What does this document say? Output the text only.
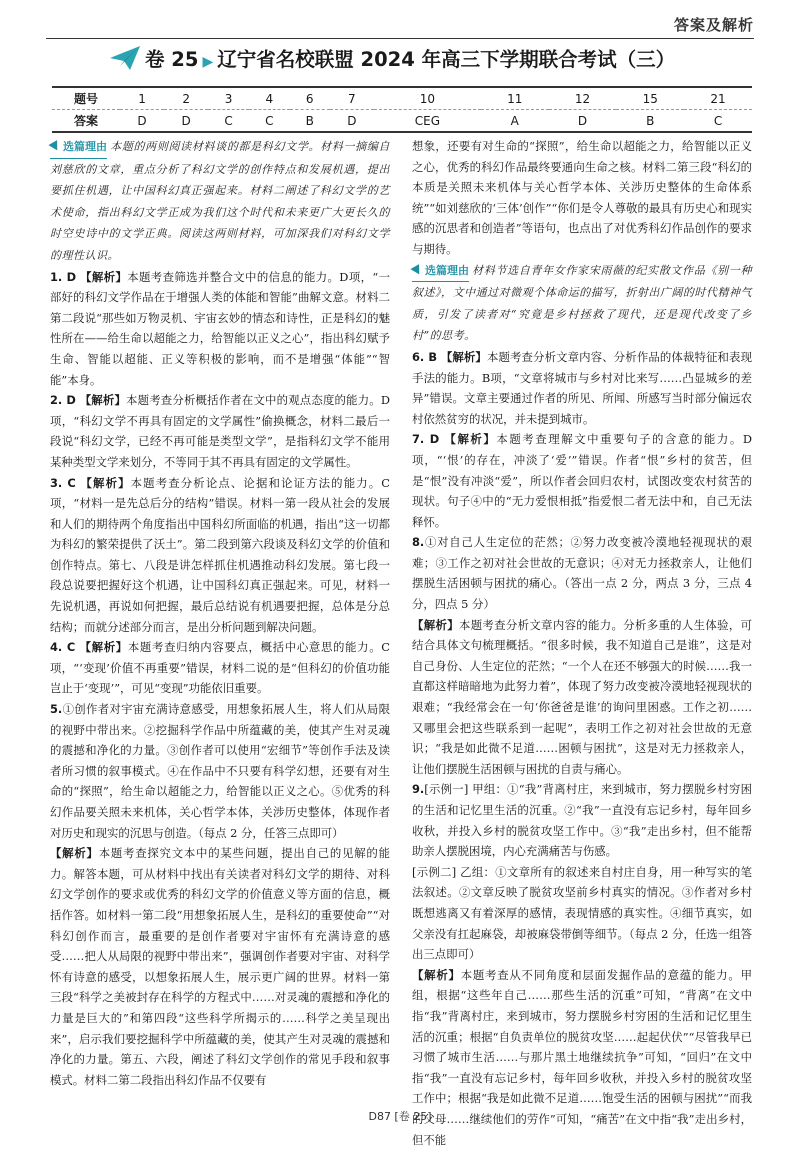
答案及解析
卷 25 ▶ 辽宁省名校联盟 2024 年高三下学期联合考试（三）
题号	1	2	3	4	6	7	10	11	12	15	21
答案	D	D	C	C	B	D	CEG	A	D	B	C

选篇理由 本题的两则阅读材料谈的都是科幻文学。材料一摘编自刘慈欣的文章，重点分析了科幻文学的创作特点和发展机遇，提出要抓住机遇，让中国科幻真正强起来。材料二阐述了科幻文学的艺术使命，指出科幻文学正成为我们这个时代和未来更广大更长久的时空史诗中的文学正典。阅读这两则材料，可加深我们对科幻文学的理性认识。

1. D 【解析】本题考查筛选并整合文中的信息的能力。D项，“一部好的科幻文学作品在于增强人类的体能和智能”曲解文意。材料二第二段说“那些如万物灵机、宇宙玄妙的情态和诗性，正是科幻的魅性所在——给生命以超能之力，给智能以正义之心”，指出科幻赋予生命、智能以超能、正义等积极的影响，而不是增强“体能”“智能”本身。

2. D 【解析】本题考查分析概括作者在文中的观点态度的能力。D项，“科幻文学不再具有固定的文学属性”偷换概念，材料二最后一段说“科幻文学，已经不再可能是类型文学”，是指科幻文学不能用某种类型文学来划分，不等同于其不再具有固定的文学属性。

3. C 【解析】本题考查分析论点、论据和论证方法的能力。C项，“材料一是先总后分的结构”错误。材料一第一段从社会的发展和人们的期待两个角度指出中国科幻所面临的机遇，指出“这一切都为科幻的繁荣提供了沃土”。第二段到第六段谈及科幻文学的价值和创作特点。第七、八段是讲怎样抓住机遇推动科幻发展。第七段一段总说要把握好这个机遇，让中国科幻真正强起来。可见，材料一先说机遇，再说如何把握，最后总结说有机遇要把握，总体是分总结构；而就分述部分而言，是出分析问题到解决问题。

4. C 【解析】本题考查归纳内容要点，概括中心意思的能力。C项，“‘变现’价值不再重要”错误，材料二说的是“但科幻的价值功能岂止于‘变现’”，可见“变现”功能依旧重要。

5.①创作者对宇宙充满诗意感受，用想象拓展人生，将人们从局限的视野中带出来。②挖掘科学作品中所蕴藏的美，使其产生对灵魂的震撼和净化的力量。③创作者可以使用“宏细节”等创作手法及读者所习惯的叙事模式。④在作品中不只要有科学幻想，还要有对生命的“探照”，给生命以超能之力，给智能以正义之心。⑤优秀的科幻作品要关照未来机体，关心哲学本体，关涉历史整体，体现作者对历史和现实的沉思与创造。（每点 2 分，任答三点即可）

【解析】本题考查探究文本中的某些问题，提出自己的见解的能力。解答本题，可从材料中找出有关读者对科幻文学的期待、对科幻文学创作的要求或优秀的科幻文学的价值意义等方面的信息，概括作答。如材料一第二段“用想象拓展人生，是科幻的重要使命”“对科幻创作而言，最重要的是创作者要对宇宙怀有充满诗意的感受……把人从局限的视野中带出来”，强调创作者要对宇宙、对科学怀有诗意的感受，以想象拓展人生，展示更广阔的世界。材料一第三段“科学之美被封存在科学的方程式中……对灵魂的震撼和净化的力量是巨大的”和第四段“这些科学所揭示的……科学之美呈现出来”，启示我们要挖掘科学中所蕴藏的美，使其产生对灵魂的震撼和净化的力量。第五、六段，阐述了科幻文学创作的常见手段和叙事模式。材料二第二段指出科幻作品不仅要有

想象，还要有对生命的“探照”，给生命以超能之力，给智能以正义之心，优秀的科幻作品最终要通向生命之核。材料二第三段“科幻的本质是关照未来机体与关心哲学本体、关涉历史整体的生命体系统”“如刘慈欣的‘三体’创作”“你们是令人尊敬的最具有历史心和现实感的沉思者和创造者”等语句，也点出了对优秀科幻作品创作的要求与期待。

选篇理由 材料节选自青年女作家宋雨薇的纪实散文作品《别一种叙述》，文中通过对微观个体命运的描写，折射出广阔的时代精神气质，引发了读者对“究竟是乡村拯救了现代，还是现代改变了乡村”的思考。

6. B 【解析】本题考查分析文章内容、分析作品的体裁特征和表现手法的能力。B项，“文章将城市与乡村对比来写……凸显城乡的差异”错误。文章主要通过作者的所见、所闻、所感写当时部分偏远农村依然贫穷的状况，并未提到城市。

7. D 【解析】本题考查理解文中重要句子的含意的能力。D项，“‘恨’的存在，冲淡了‘爱’”错误。作者“恨”乡村的贫苦，但是“恨”没有冲淡“爱”，所以作者会回归农村，试图改变农村贫苦的现状。句子④中的“无力爱恨相抵”指爱恨二者无法中和，自己无法释怀。

8.①对自己人生定位的茫然；②努力改变被冷漠地轻视现状的艰难；③工作之初对社会世故的无意识；④对无力拯救亲人，让他们摆脱生活困顿与困扰的痛心。（答出一点 2 分，两点 3 分，三点 4 分，四点 5 分）

【解析】本题考查分析文章内容的能力。分析多重的人生体验，可结合具体文句梳理概括。“很多时候，我不知道自己是谁”，这是对自己身份、人生定位的茫然；“一个人在还不够强大的时候……我一直都这样暗暗地为此努力着”，体现了努力改变被冷漠地轻视现状的艰难；“我经常会在一句‘你爸爸是谁’的询问里困惑。工作之初……又哪里会把这些联系到一起呢”，表明工作之初对社会世故的无意识；“我是如此微不足道……困顿与困扰”，这是对无力拯救亲人，让他们摆脱生活困顿与困扰的自责与痛心。

9.[示例一] 甲组：①“我”背离村庄，来到城市，努力摆脱乡村穷困的生活和记忆里生活的沉重。②“我”一直没有忘记乡村，每年回乡收秋，并投入乡村的脱贫攻坚工作中。③“我”走出乡村，但不能帮助亲人摆脱困境，内心充满痛苦与伤感。

[示例二] 乙组：①文章所有的叙述来自村庄自身，用一种写实的笔法叙述。②文章反映了脱贫攻坚前乡村真实的情况。③作者对乡村既想逃离又有着深厚的感情，表现情感的真实性。④细节真实，如父亲没有扛起麻袋，却被麻袋带倒等细节。（每点 2 分，任选一组答出三点即可）

【解析】本题考查从不同角度和层面发掘作品的意蕴的能力。甲组，根据“这些年自己……那些生活的沉重”可知，“背离”在文中指“我”背离村庄，来到城市，努力摆脱乡村穷困的生活和记忆里生活的沉重；根据“自负责单位的脱贫攻坚……起起伏伏”“尽管我早已习惯了城市生活……与那片黑土地继续抗争”可知，“回归”在文中指“我”一直没有忘记乡村，每年回乡收秋，并投入乡村的脱贫攻坚工作中；根据“我是如此微不足道……饱受生活的困顿与困扰”“而我的父母……继续他们的劳作”可知，“痛苦”在文中指“我”走出乡村，但不能

D87 [卷 25]
